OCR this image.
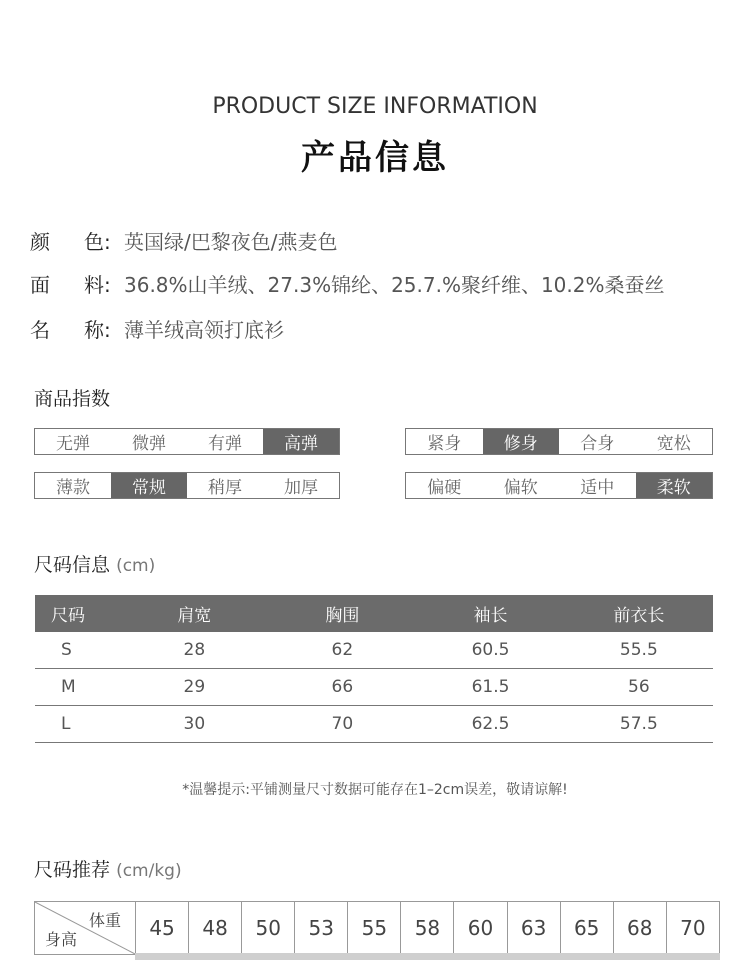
PRODUCT SIZE INFORMATION
产品信息
颜 色: 英国绿/巴黎夜色/燕麦色
面 料: 36.8%山羊绒、27.3%锦纶、25.7.%聚纤维、10.2%桑蚕丝
名 称: 薄羊绒高领打底衫
商品指数
无弹	微弹	有弹	高弹	紧身	修身	合身	宽松
薄款	常规	稍厚	加厚	偏硬	偏软	适中	柔软
尺码信息 (cm)
尺码	肩宽	胸围	袖长	前衣长
S	28	62	60.5	55.5
M	29	66	61.5	56
L	30	70	62.5	57.5
*温馨提示:平铺测量尺寸数据可能存在1–2cm误差，敬请谅解!
尺码推荐 (cm/kg)
体重
身高	45	48	50	53	55	58	60	63	65	68	70
